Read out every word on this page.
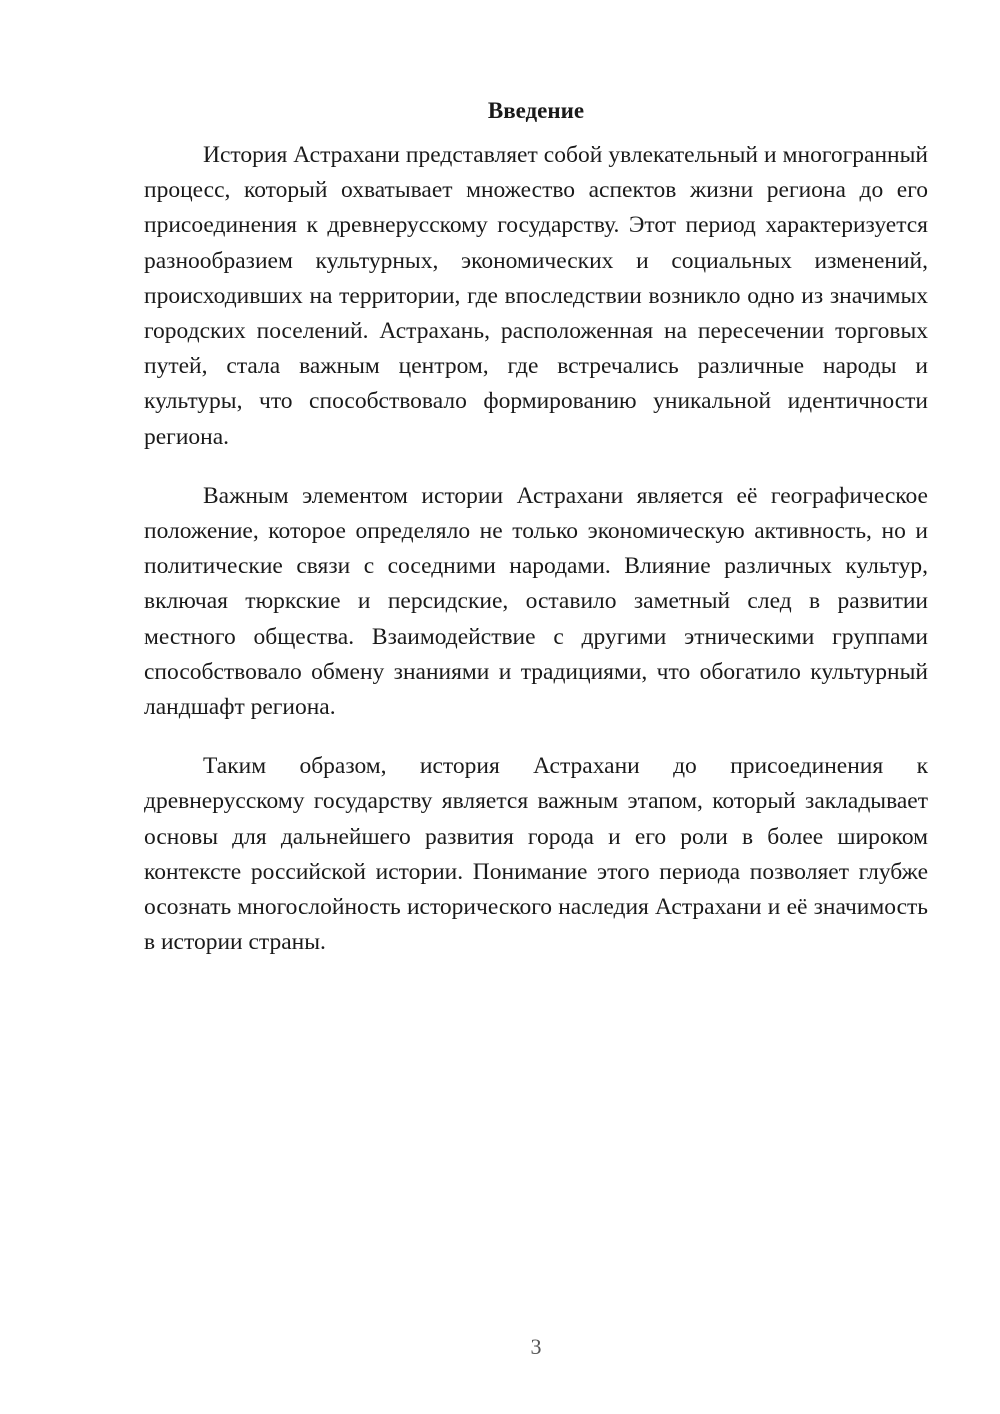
Введение

История Астрахани представляет собой увлекательный и многогранный процесс, который охватывает множество аспектов жизни региона до его присоединения к древнерусскому государству. Этот период характеризуется разнообразием культурных, экономических и социальных изменений, происходивших на территории, где впоследствии возникло одно из значимых городских поселений. Астрахань, расположенная на пересечении торговых путей, стала важным центром, где встречались различные народы и культуры, что способствовало формированию уникальной идентичности региона.

Важным элементом истории Астрахани является её географическое положение, которое определяло не только экономическую активность, но и политические связи с соседними народами. Влияние различных культур, включая тюркские и персидские, оставило заметный след в развитии местного общества. Взаимодействие с другими этническими группами способствовало обмену знаниями и традициями, что обогатило культурный ландшафт региона.

Таким образом, история Астрахани до присоединения к древнерусскому государству является важным этапом, который закладывает основы для дальнейшего развития города и его роли в более широком контексте российской истории. Понимание этого периода позволяет глубже осознать многослойность исторического наследия Астрахани и её значимость в истории страны.

3
